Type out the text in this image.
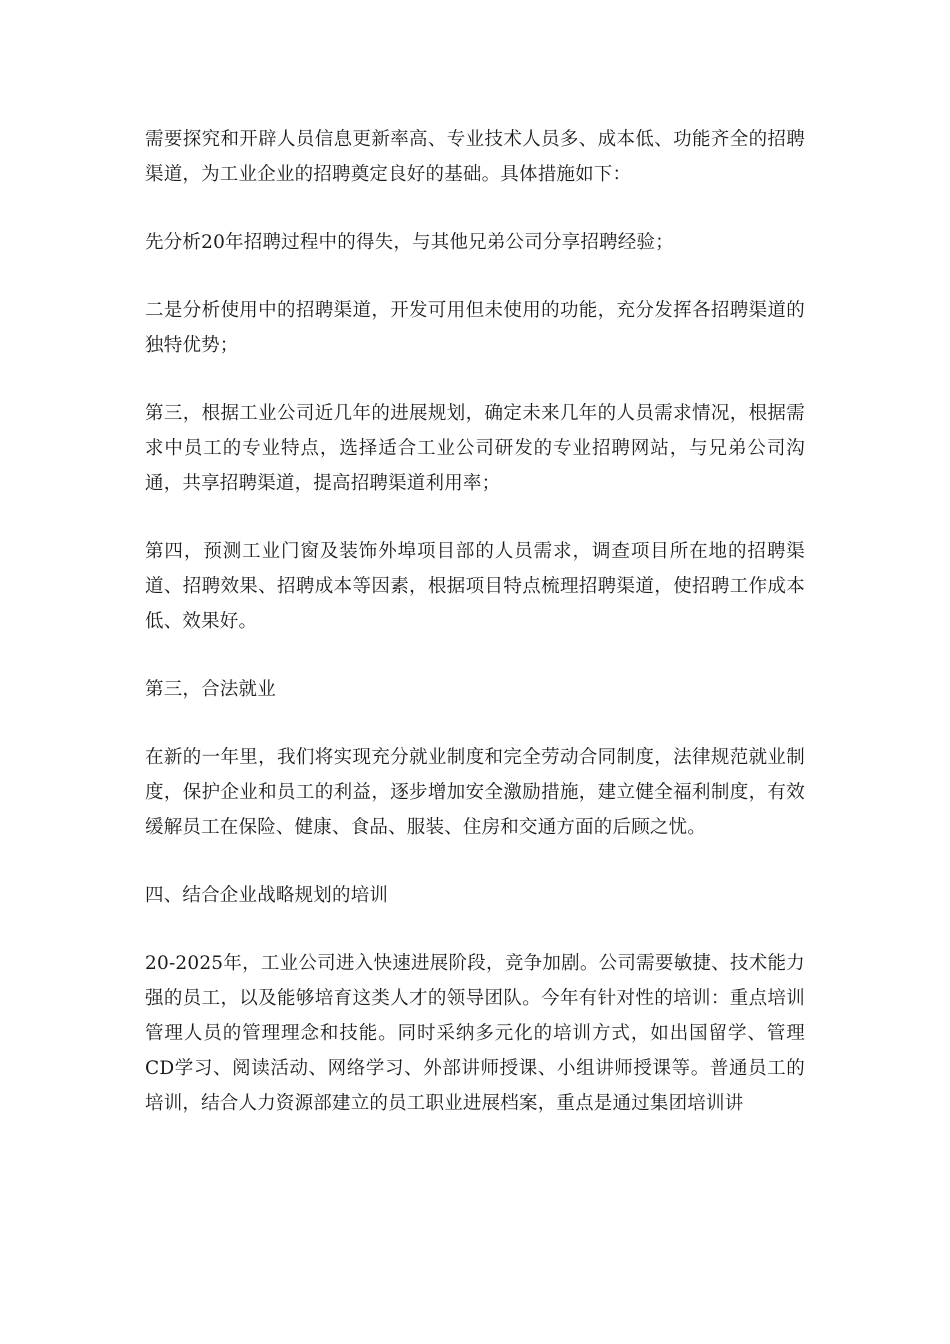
需要探究和开辟人员信息更新率高、专业技术人员多、成本低、功能齐全的招聘渠道，为工业企业的招聘奠定良好的基础。具体措施如下：

先分析20年招聘过程中的得失，与其他兄弟公司分享招聘经验；

二是分析使用中的招聘渠道，开发可用但未使用的功能，充分发挥各招聘渠道的独特优势；

第三，根据工业公司近几年的进展规划，确定未来几年的人员需求情况，根据需求中员工的专业特点，选择适合工业公司研发的专业招聘网站，与兄弟公司沟通，共享招聘渠道，提高招聘渠道利用率；

第四，预测工业门窗及装饰外埠项目部的人员需求，调查项目所在地的招聘渠道、招聘效果、招聘成本等因素，根据项目特点梳理招聘渠道，使招聘工作成本低、效果好。

第三，合法就业

在新的一年里，我们将实现充分就业制度和完全劳动合同制度，法律规范就业制度，保护企业和员工的利益，逐步增加安全激励措施，建立健全福利制度，有效缓解员工在保险、健康、食品、服装、住房和交通方面的后顾之忧。

四、结合企业战略规划的培训

20-2025年，工业公司进入快速进展阶段，竞争加剧。公司需要敏捷、技术能力强的员工，以及能够培育这类人才的领导团队。今年有针对性的培训：重点培训管理人员的管理理念和技能。同时采纳多元化的培训方式，如出国留学、管理CD学习、阅读活动、网络学习、外部讲师授课、小组讲师授课等。普通员工的培训，结合人力资源部建立的员工职业进展档案，重点是通过集团培训讲
